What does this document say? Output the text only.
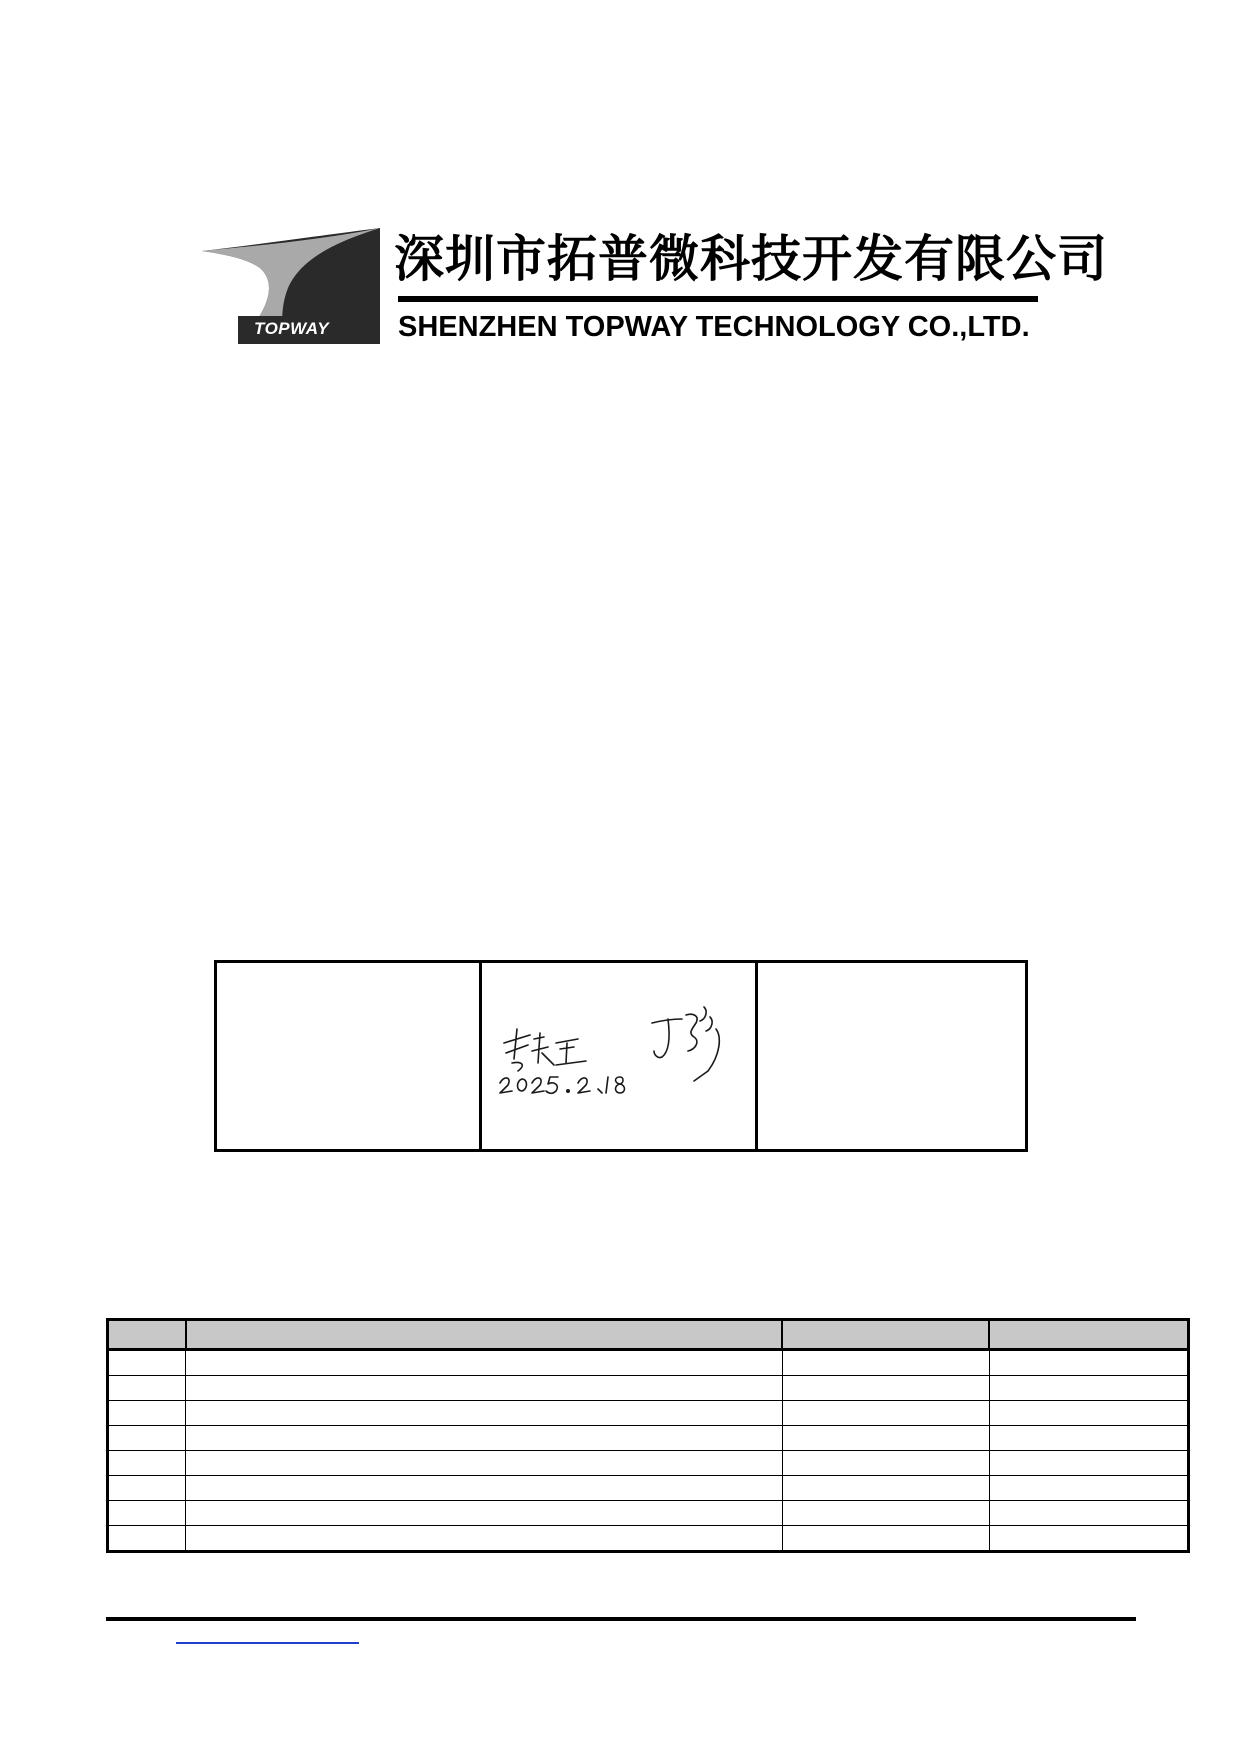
TOPWAY
深圳市拓普微科技开发有限公司
SHENZHEN TOPWAY TECHNOLOGY CO.,LTD.
